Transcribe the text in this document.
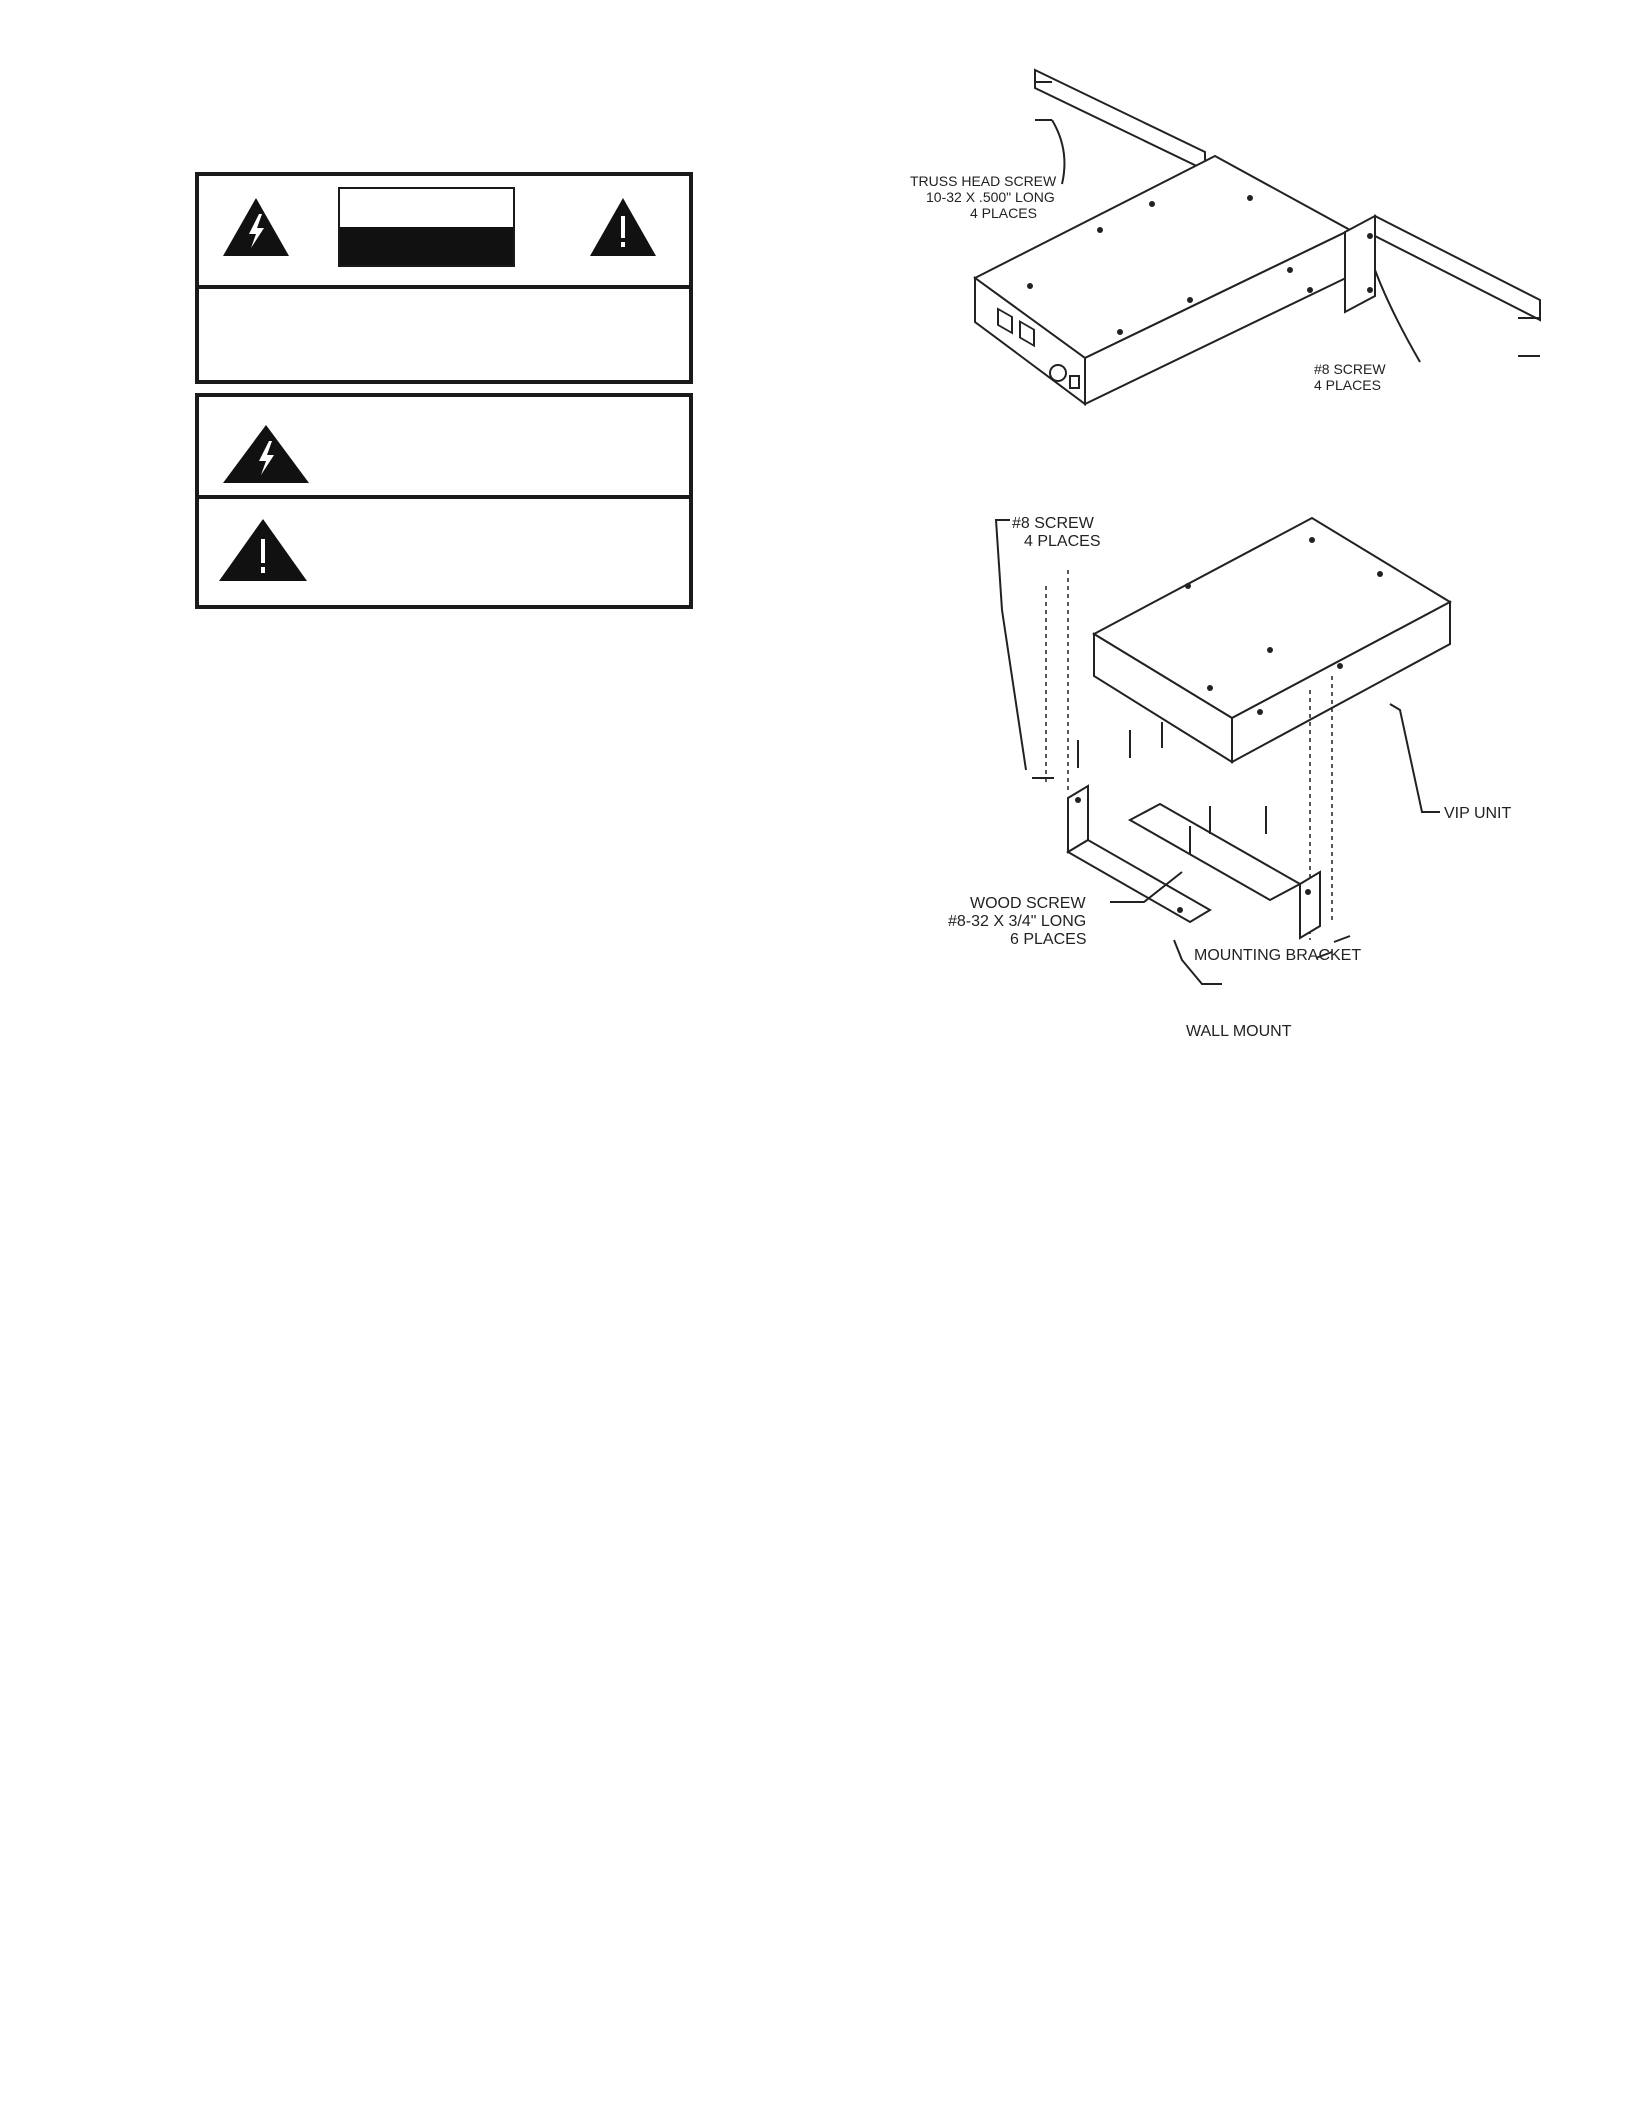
TRUSS HEAD SCREW
10-32 X .500" LONG
4 PLACES
#8 SCREW
4 PLACES
#8 SCREW
4 PLACES
VIP UNIT
WOOD SCREW
#8-32 X 3/4" LONG
6 PLACES
MOUNTING BRACKET
WALL MOUNT
